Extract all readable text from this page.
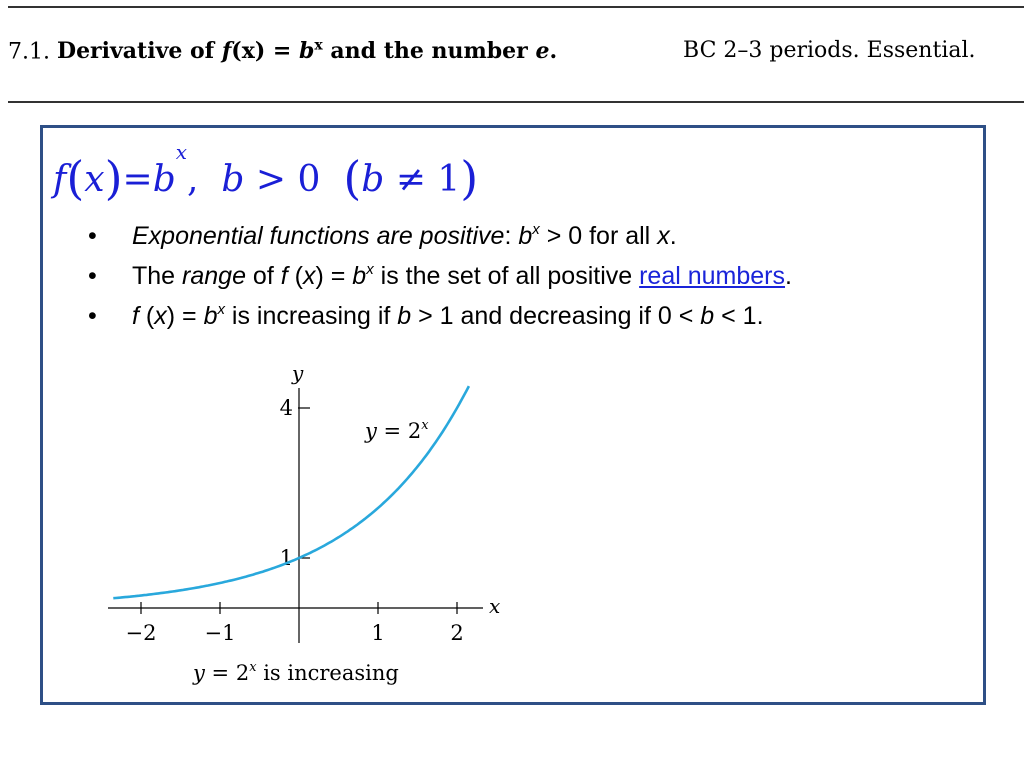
7.1. Derivative of $f(x) = b^x$ and the number e.	BC 2–3 periods. Essential.
$f(x)=b^x$, b > 0 (b ≠ 1)
• Exponential functions are positive: $b^x > 0$ for all x.
• The range of f $(x) = b^x$ is the set of all positive real numbers.
• f $(x) = b^x$ is increasing if b > 1 and decreasing if 0 < b < 1.
−2 −1	1	2
1
4
x
y
$y = 2^x$
$y = 2^x$ is increasing
